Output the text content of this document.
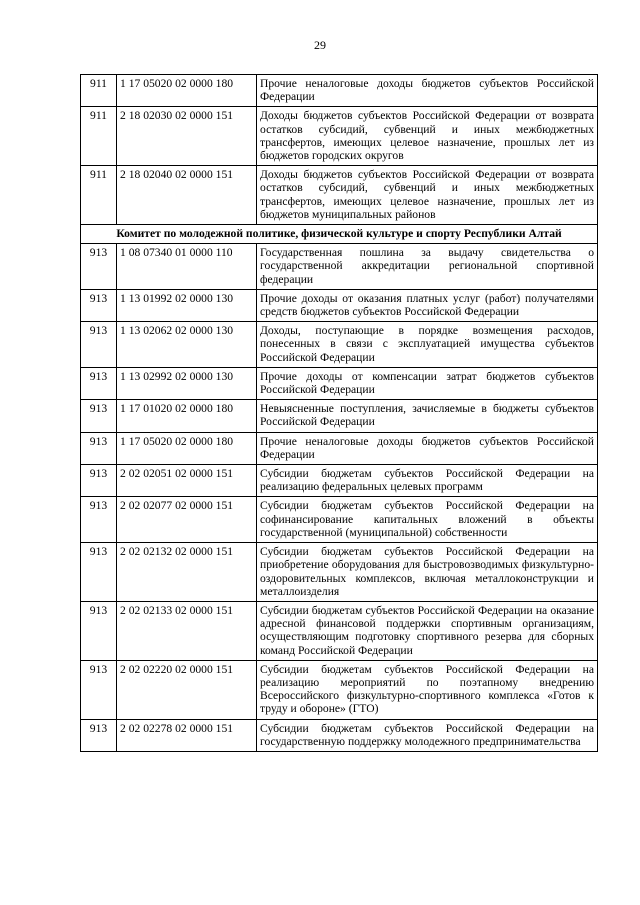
29
911	1 17 05020 02 0000 180	Прочие неналоговые доходы бюджетов субъектов Российской Федерации
911	2 18 02030 02 0000 151	Доходы бюджетов субъектов Российской Федерации от возврата остатков субсидий, субвенций и иных межбюджетных трансфертов, имеющих целевое назначение, прошлых лет из бюджетов городских округов
911	2 18 02040 02 0000 151	Доходы бюджетов субъектов Российской Федерации от возврата остатков субсидий, субвенций и иных межбюджетных трансфертов, имеющих целевое назначение, прошлых лет из бюджетов муниципальных районов
Комитет по молодежной политике, физической культуре и спорту Республики Алтай		
913	1 08 07340 01 0000 110	Государственная пошлина за выдачу свидетельства о государственной аккредитации региональной спортивной федерации
913	1 13 01992 02 0000 130	Прочие доходы от оказания платных услуг (работ) получателями средств бюджетов субъектов Российской Федерации
913	1 13 02062 02 0000 130	Доходы, поступающие в порядке возмещения расходов, понесенных в связи с эксплуатацией имущества субъектов Российской Федерации
913	1 13 02992 02 0000 130	Прочие доходы от компенсации затрат бюджетов субъектов Российской Федерации
913	1 17 01020 02 0000 180	Невыясненные поступления, зачисляемые в бюджеты субъектов Российской Федерации
913	1 17 05020 02 0000 180	Прочие неналоговые доходы бюджетов субъектов Российской Федерации
913	2 02 02051 02 0000 151	Субсидии бюджетам субъектов Российской Федерации на реализацию федеральных целевых программ
913	2 02 02077 02 0000 151	Субсидии бюджетам субъектов Российской Федерации на софинансирование капитальных вложений в объекты государственной (муниципальной) собственности
913	2 02 02132 02 0000 151	Субсидии бюджетам субъектов Российской Федерации на приобретение оборудования для быстровозводимых физкультурно-оздоровительных комплексов, включая металлоконструкции и металлоизделия
913	2 02 02133 02 0000 151	Субсидии бюджетам субъектов Российской Федерации на оказание адресной финансовой поддержки спортивным организациям, осуществляющим подготовку спортивного резерва для сборных команд Российской Федерации
913	2 02 02220 02 0000 151	Субсидии бюджетам субъектов Российской Федерации на реализацию мероприятий по поэтапному внедрению Всероссийского физкультурно-спортивного комплекса «Готов к труду и обороне» (ГТО)
913	2 02 02278 02 0000 151	Субсидии бюджетам субъектов Российской Федерации на государственную поддержку молодежного предпринимательства
